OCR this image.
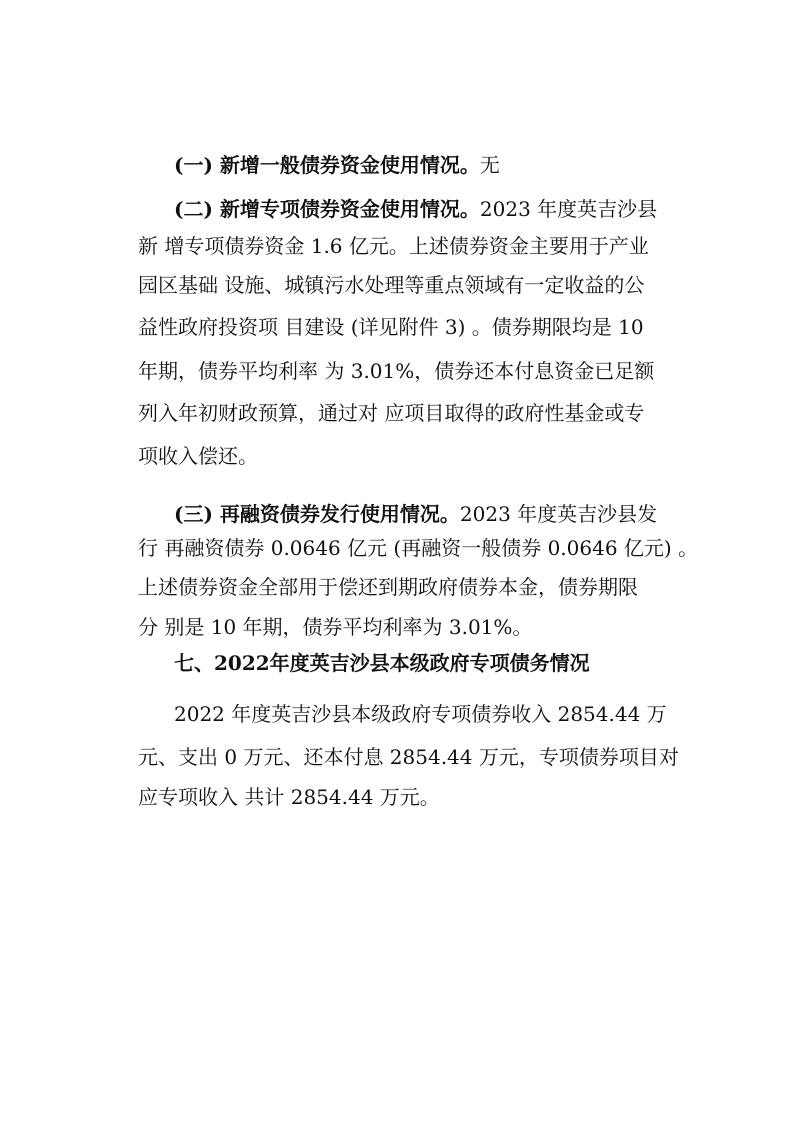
(一) 新增一般债券资金使用情况。无

(二) 新增专项债券资金使用情况。2023 年度英吉沙县

新 增专项债券资金 1.6 亿元。上述债券资金主要用于产业

园区基础 设施、城镇污水处理等重点领域有一定收益的公

益性政府投资项 目建设 (详见附件 3) 。债券期限均是 10

年期，债券平均利率 为 3.01%，债券还本付息资金已足额

列入年初财政预算，通过对 应项目取得的政府性基金或专

项收入偿还。

(三) 再融资债券发行使用情况。2023 年度英吉沙县发

行 再融资债券 0.0646 亿元 (再融资一般债券 0.0646 亿元) 。

上述债券资金全部用于偿还到期政府债券本金，债券期限

分 别是 10 年期，债券平均利率为 3.01%。

七、2022年度英吉沙县本级政府专项债务情况

2022 年度英吉沙县本级政府专项债券收入 2854.44 万

元、支出 0 万元、还本付息 2854.44 万元，专项债券项目对

应专项收入 共计 2854.44 万元。
